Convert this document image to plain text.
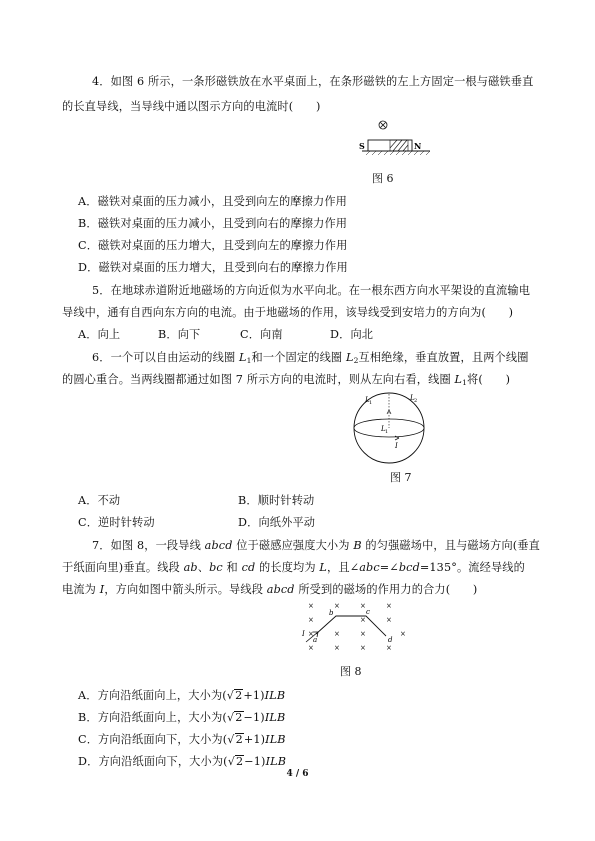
4．如图 6 所示，一条形磁铁放在水平桌面上，在条形磁铁的左上方固定一根与磁铁垂直
的长直导线，当导线中通以图示方向的电流时(　　)
S	N
图 6
A．磁铁对桌面的压力减小，且受到向左的摩擦力作用
B．磁铁对桌面的压力减小，且受到向右的摩擦力作用
C．磁铁对桌面的压力增大，且受到向左的摩擦力作用
D．磁铁对桌面的压力增大，且受到向右的摩擦力作用
5．在地球赤道附近地磁场的方向近似为水平向北。在一根东西方向水平架设的直流输电
导线中，通有自西向东方向的电流。由于地磁场的作用，该导线受到安培力的方向为(　　)
A．向上	B．向下	C．向南	D．向北
6．一个可以自由运动的线圈 $L_1$和一个固定的线圈 $L_2$互相绝缘，垂直放置，且两个线圈
的圆心重合。当两线圈都通过如图 7 所示方向的电流时，则从左向右看，线圈 $L_1$将(　　)
L 1
L 2
L 1
I
图 7
A．不动	B．顺时针转动
C．逆时针转动	D．向纸外平动
7．如图 8，一段导线 abcd 位于磁感应强度大小为 B 的匀强磁场中，且与磁场方向(垂直
于纸面向里)垂直。线段 ab、bc 和 cd 的长度均为 L，且∠abc=∠bcd=135°。流经导线的
电流为 I，方向如图中箭头所示。导线段 abcd 所受到的磁场的作用力的合力(　　)
×	×	×	×
×	×	×
×	×	×	×
×	×	×	×
a
b	c
d
I
图 8
A．方向沿纸面向上，大小为(√2+1)ILB
B．方向沿纸面向上，大小为(√2−1)ILB
C．方向沿纸面向下，大小为(√2+1)ILB
D．方向沿纸面向下，大小为(√2−1)ILB
4 / 6
